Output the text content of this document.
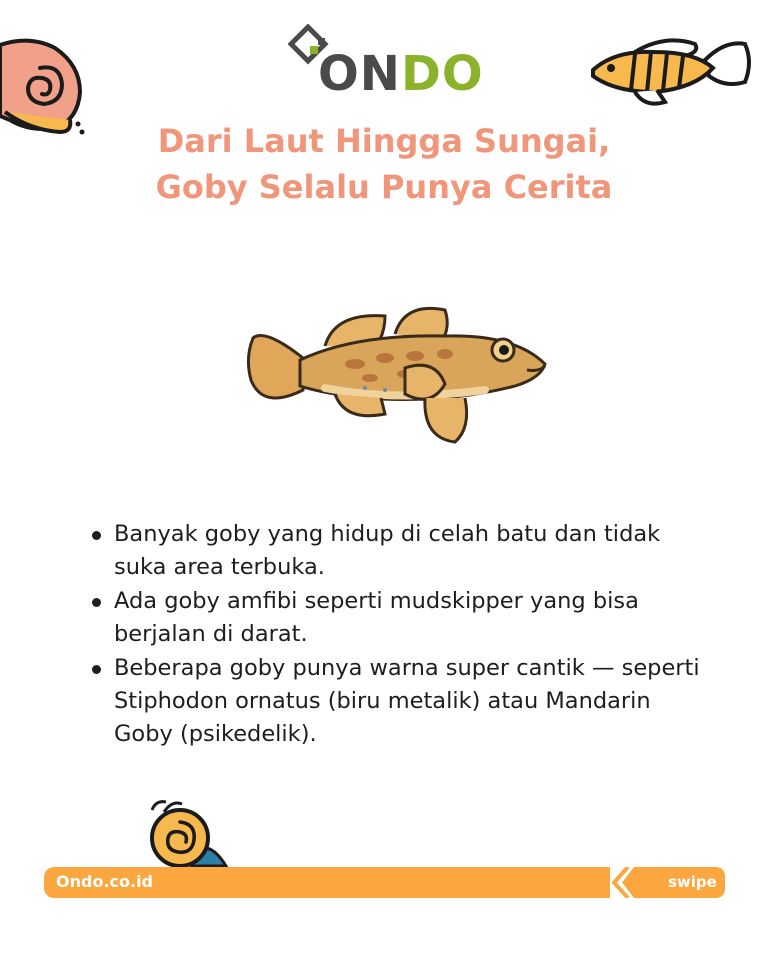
ONDO
Dari Laut Hingga Sungai,
Goby Selalu Punya Cerita
Banyak goby yang hidup di celah batu dan tidak suka area terbuka.
Ada goby amfibi seperti mudskipper yang bisa berjalan di darat.
Beberapa goby punya warna super cantik — seperti Stiphodon ornatus (biru metalik) atau Mandarin Goby (psikedelik).
Ondo.co.id	swipe
